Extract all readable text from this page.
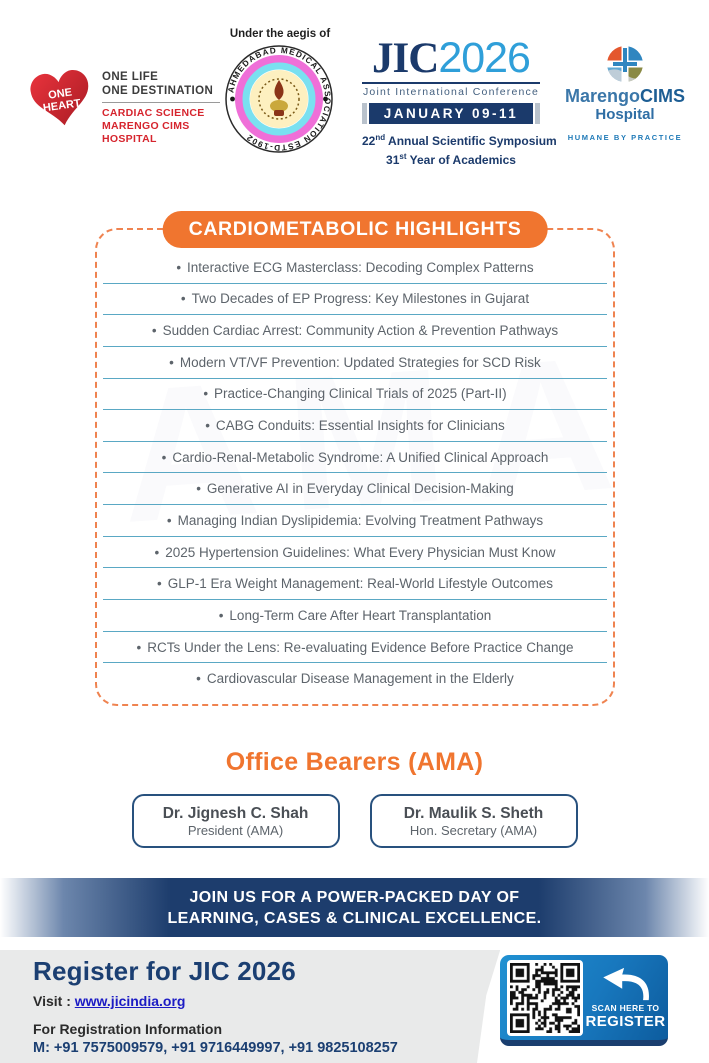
ONE
HEART
ONE LIFE
ONE DESTINATION
CARDIAC SCIENCE
MARENGO CIMS HOSPITAL
Under the aegis of
AHMEDABAD MEDICAL ASSOCIATION ESTD-1902
JIC2026
Joint International Conference
JANUARY 09-11
22nd Annual Scientific Symposium
31st Year of Academics
MarengoCIMS
Hospital
HUMANE BY PRACTICE
CARDIOMETABOLIC HIGHLIGHTS
• Interactive ECG Masterclass: Decoding Complex Patterns
• Two Decades of EP Progress: Key Milestones in Gujarat
• Sudden Cardiac Arrest: Community Action & Prevention Pathways
• Modern VT/VF Prevention: Updated Strategies for SCD Risk
• Practice-Changing Clinical Trials of 2025 (Part-II)
• CABG Conduits: Essential Insights for Clinicians
• Cardio-Renal-Metabolic Syndrome: A Unified Clinical Approach
• Generative AI in Everyday Clinical Decision-Making
• Managing Indian Dyslipidemia: Evolving Treatment Pathways
• 2025 Hypertension Guidelines: What Every Physician Must Know
• GLP-1 Era Weight Management: Real-World Lifestyle Outcomes
• Long-Term Care After Heart Transplantation
• RCTs Under the Lens: Re-evaluating Evidence Before Practice Change
• Cardiovascular Disease Management in the Elderly
Office Bearers (AMA)
Dr. Jignesh C. Shah
President (AMA)
Dr. Maulik S. Sheth
Hon. Secretary (AMA)
JOIN US FOR A POWER-PACKED DAY OF
LEARNING, CASES & CLINICAL EXCELLENCE.
Register for JIC 2026
Visit : www.jicindia.org
For Registration Information
M: +91 7575009579, +91 9716449997, +91 9825108257
SCAN HERE TO
REGISTER
